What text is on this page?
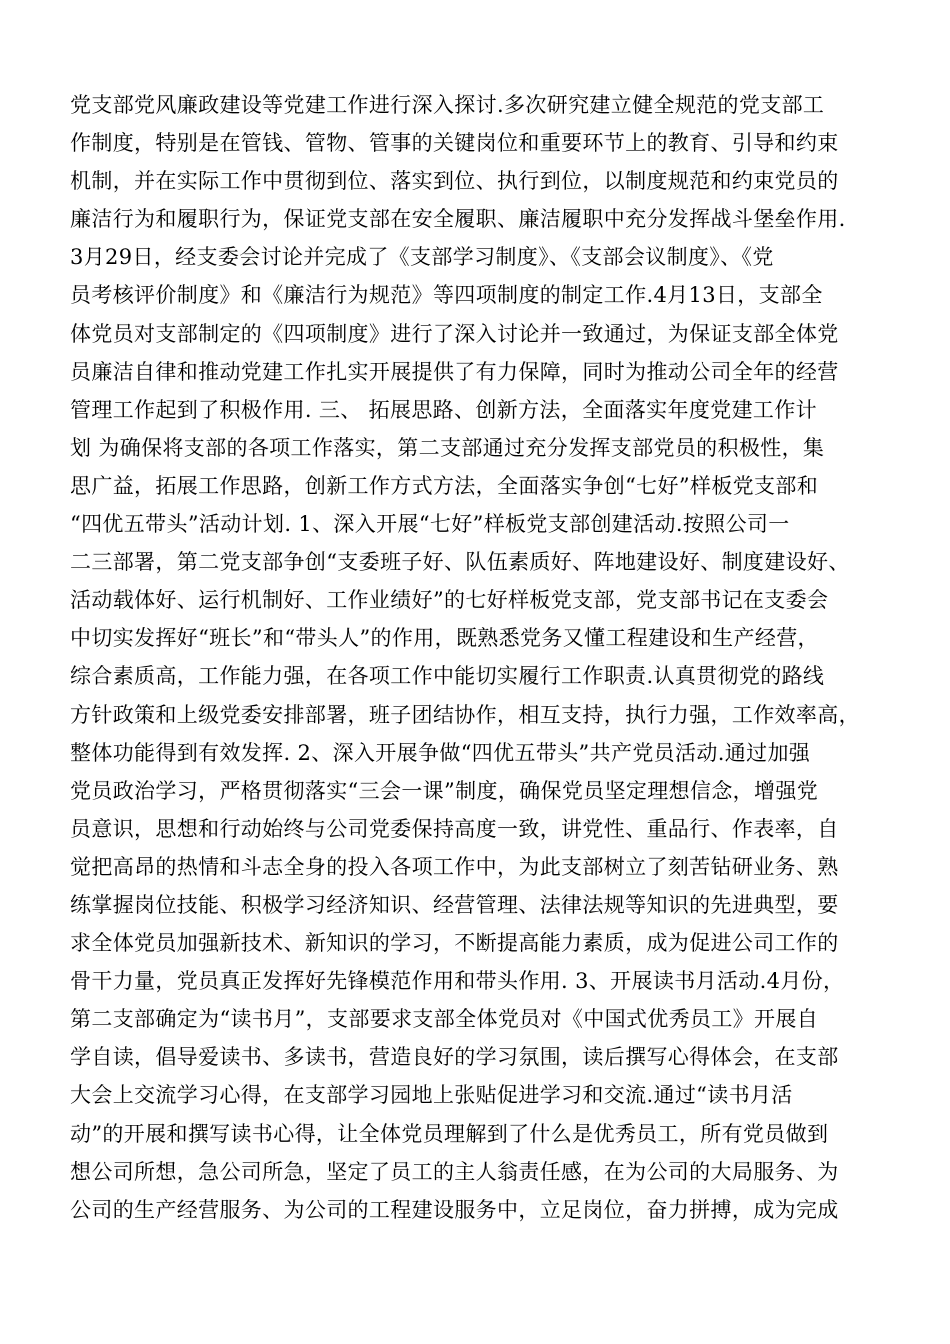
党支部党风廉政建设等党建工作进行深入探讨.多次研究建立健全规范的党支部工
作制度，特别是在管钱、管物、管事的关键岗位和重要环节上的教育、引导和约束
机制，并在实际工作中贯彻到位、落实到位、执行到位，以制度规范和约束党员的
廉洁行为和履职行为，保证党支部在安全履职、廉洁履职中充分发挥战斗堡垒作用.
3月29日，经支委会讨论并完成了《支部学习制度》、《支部会议制度》、《党
员考核评价制度》和《廉洁行为规范》等四项制度的制定工作.4月13日，支部全
体党员对支部制定的《四项制度》进行了深入讨论并一致通过，为保证支部全体党
员廉洁自律和推动党建工作扎实开展提供了有力保障，同时为推动公司全年的经营
管理工作起到了积极作用. 三、 拓展思路、创新方法，全面落实年度党建工作计
划 为确保将支部的各项工作落实，第二支部通过充分发挥支部党员的积极性，集
思广益，拓展工作思路，创新工作方式方法，全面落实争创“七好”样板党支部和
“四优五带头”活动计划. 1、深入开展“七好”样板党支部创建活动.按照公司一
二三部署，第二党支部争创“支委班子好、队伍素质好、阵地建设好、制度建设好、
活动载体好、运行机制好、工作业绩好”的七好样板党支部，党支部书记在支委会
中切实发挥好“班长”和“带头人”的作用，既熟悉党务又懂工程建设和生产经营，
综合素质高，工作能力强，在各项工作中能切实履行工作职责.认真贯彻党的路线
方针政策和上级党委安排部署，班子团结协作，相互支持，执行力强，工作效率高，
整体功能得到有效发挥. 2、深入开展争做“四优五带头”共产党员活动.通过加强
党员政治学习，严格贯彻落实“三会一课”制度，确保党员坚定理想信念，增强党
员意识，思想和行动始终与公司党委保持高度一致，讲党性、重品行、作表率，自
觉把高昂的热情和斗志全身的投入各项工作中，为此支部树立了刻苦钻研业务、熟
练掌握岗位技能、积极学习经济知识、经营管理、法律法规等知识的先进典型，要
求全体党员加强新技术、新知识的学习，不断提高能力素质，成为促进公司工作的
骨干力量，党员真正发挥好先锋模范作用和带头作用. 3、开展读书月活动.4月份，
第二支部确定为“读书月”，支部要求支部全体党员对《中国式优秀员工》开展自
学自读，倡导爱读书、多读书，营造良好的学习氛围，读后撰写心得体会，在支部
大会上交流学习心得，在支部学习园地上张贴促进学习和交流.通过“读书月活
动”的开展和撰写读书心得，让全体党员理解到了什么是优秀员工，所有党员做到
想公司所想，急公司所急，坚定了员工的主人翁责任感，在为公司的大局服务、为
公司的生产经营服务、为公司的工程建设服务中，立足岗位，奋力拼搏，成为完成
